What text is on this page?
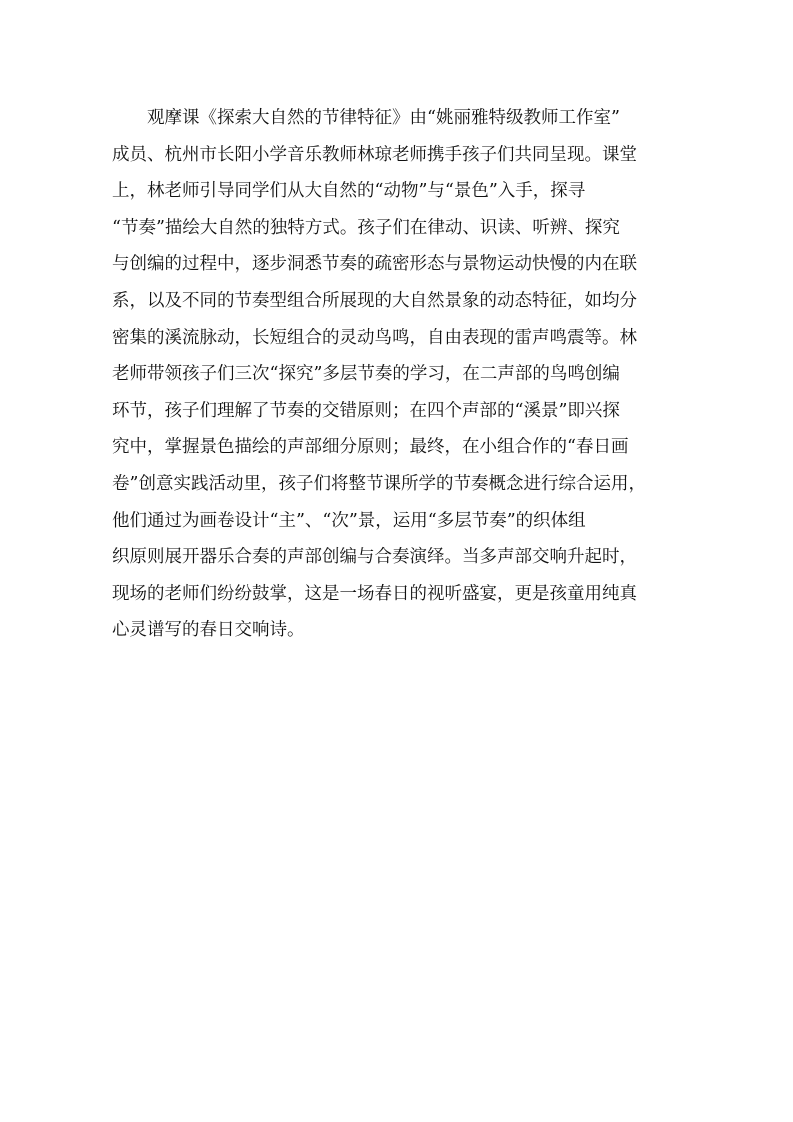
观摩课《探索大自然的节律特征》由“姚丽雅特级教师工作室”
成员、杭州市长阳小学音乐教师林琼老师携手孩子们共同呈现。课堂
上，林老师引导同学们从大自然的“动物”与“景色”入手，探寻
“节奏”描绘大自然的独特方式。孩子们在律动、识读、听辨、探究
与创编的过程中，逐步洞悉节奏的疏密形态与景物运动快慢的内在联
系，以及不同的节奏型组合所展现的大自然景象的动态特征，如均分
密集的溪流脉动，长短组合的灵动鸟鸣，自由表现的雷声鸣震等。林
老师带领孩子们三次“探究”多层节奏的学习，在二声部的鸟鸣创编
环节，孩子们理解了节奏的交错原则；在四个声部的“溪景”即兴探
究中，掌握景色描绘的声部细分原则；最终，在小组合作的“春日画
卷”创意实践活动里，孩子们将整节课所学的节奏概念进行综合运用，
他们通过为画卷设计“主”、“次”景，运用“多层节奏”的织体组
织原则展开器乐合奏的声部创编与合奏演绎。当多声部交响升起时，
现场的老师们纷纷鼓掌，这是一场春日的视听盛宴，更是孩童用纯真
心灵谱写的春日交响诗。
